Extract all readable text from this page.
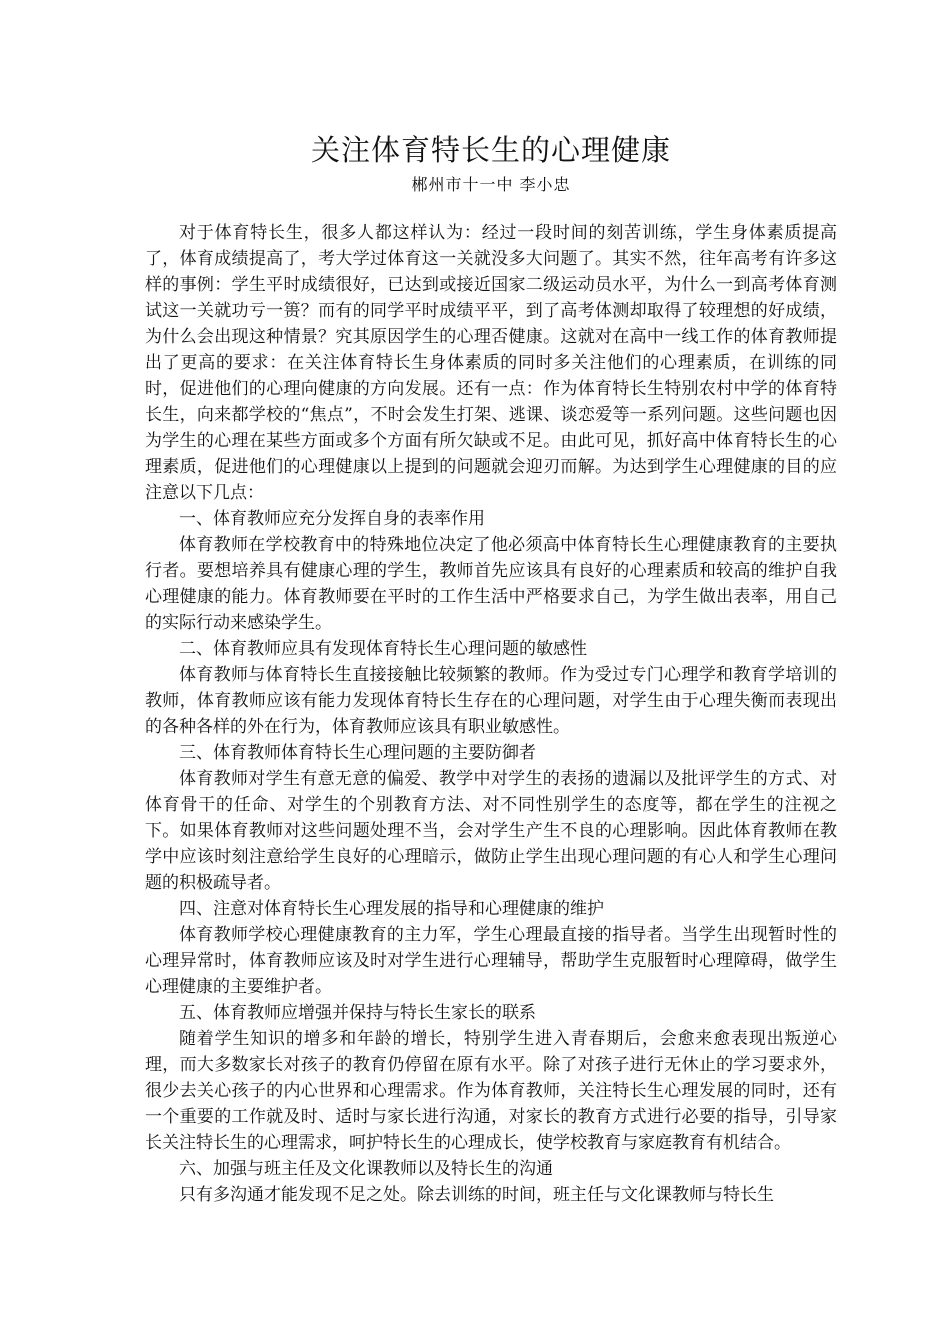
关注体育特长生的心理健康
郴州市十一中 李小忠

对于体育特长生，很多人都这样认为：经过一段时间的刻苦训练，学生身体素质提高了，体育成绩提高了，考大学过体育这一关就没多大问题了。其实不然，往年高考有许多这样的事例：学生平时成绩很好，已达到或接近国家二级运动员水平，为什么一到高考体育测试这一关就功亏一篑？而有的同学平时成绩平平，到了高考体测却取得了较理想的好成绩，为什么会出现这种情景？究其原因学生的心理否健康。这就对在高中一线工作的体育教师提出了更高的要求：在关注体育特长生身体素质的同时多关注他们的心理素质，在训练的同时，促进他们的心理向健康的方向发展。还有一点：作为体育特长生特别农村中学的体育特长生，向来都学校的“焦点”，不时会发生打架、逃课、谈恋爱等一系列问题。这些问题也因为学生的心理在某些方面或多个方面有所欠缺或不足。由此可见，抓好高中体育特长生的心理素质，促进他们的心理健康以上提到的问题就会迎刃而解。为达到学生心理健康的目的应注意以下几点：

一、体育教师应充分发挥自身的表率作用

体育教师在学校教育中的特殊地位决定了他必须高中体育特长生心理健康教育的主要执行者。要想培养具有健康心理的学生，教师首先应该具有良好的心理素质和较高的维护自我心理健康的能力。体育教师要在平时的工作生活中严格要求自己，为学生做出表率，用自己的实际行动来感染学生。

二、体育教师应具有发现体育特长生心理问题的敏感性

体育教师与体育特长生直接接触比较频繁的教师。作为受过专门心理学和教育学培训的教师，体育教师应该有能力发现体育特长生存在的心理问题，对学生由于心理失衡而表现出的各种各样的外在行为，体育教师应该具有职业敏感性。

三、体育教师体育特长生心理问题的主要防御者

体育教师对学生有意无意的偏爱、教学中对学生的表扬的遗漏以及批评学生的方式、对体育骨干的任命、对学生的个别教育方法、对不同性别学生的态度等，都在学生的注视之下。如果体育教师对这些问题处理不当，会对学生产生不良的心理影响。因此体育教师在教学中应该时刻注意给学生良好的心理暗示，做防止学生出现心理问题的有心人和学生心理问题的积极疏导者。

四、注意对体育特长生心理发展的指导和心理健康的维护

体育教师学校心理健康教育的主力军，学生心理最直接的指导者。当学生出现暂时性的心理异常时，体育教师应该及时对学生进行心理辅导，帮助学生克服暂时心理障碍，做学生心理健康的主要维护者。

五、体育教师应增强并保持与特长生家长的联系

随着学生知识的增多和年龄的增长，特别学生进入青春期后，会愈来愈表现出叛逆心理，而大多数家长对孩子的教育仍停留在原有水平。除了对孩子进行无休止的学习要求外，很少去关心孩子的内心世界和心理需求。作为体育教师，关注特长生心理发展的同时，还有一个重要的工作就及时、适时与家长进行沟通，对家长的教育方式进行必要的指导，引导家长关注特长生的心理需求，呵护特长生的心理成长，使学校教育与家庭教育有机结合。

六、加强与班主任及文化课教师以及特长生的沟通

只有多沟通才能发现不足之处。除去训练的时间，班主任与文化课教师与特长生
